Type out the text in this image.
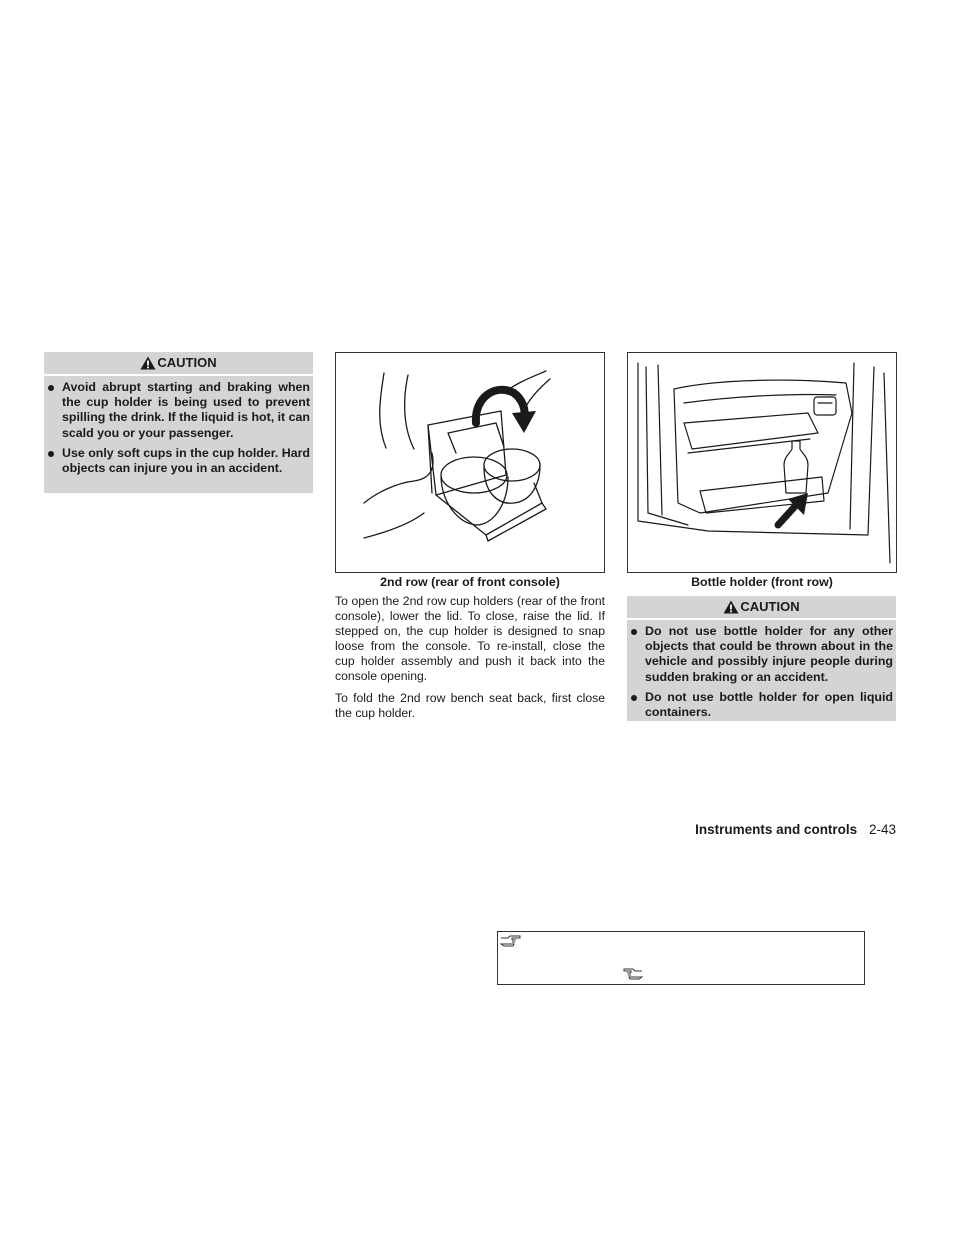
CAUTION
Avoid abrupt starting and braking when the cup holder is being used to prevent spilling the drink. If the liquid is hot, it can scald you or your passenger.
Use only soft cups in the cup holder. Hard objects can injure you in an accident.
2nd row (rear of front console)

To open the 2nd row cup holders (rear of the front console), lower the lid. To close, raise the lid. If stepped on, the cup holder is designed to snap loose from the console. To re-install, close the cup holder assembly and push it back into the console opening.

To fold the 2nd row bench seat back, first close the cup holder.

Bottle holder (front row)
CAUTION
Do not use bottle holder for any other objects that could be thrown about in the vehicle and possibly injure people during sudden braking or an accident.
Do not use bottle holder for open liquid containers.
Instruments and controls 2-43
